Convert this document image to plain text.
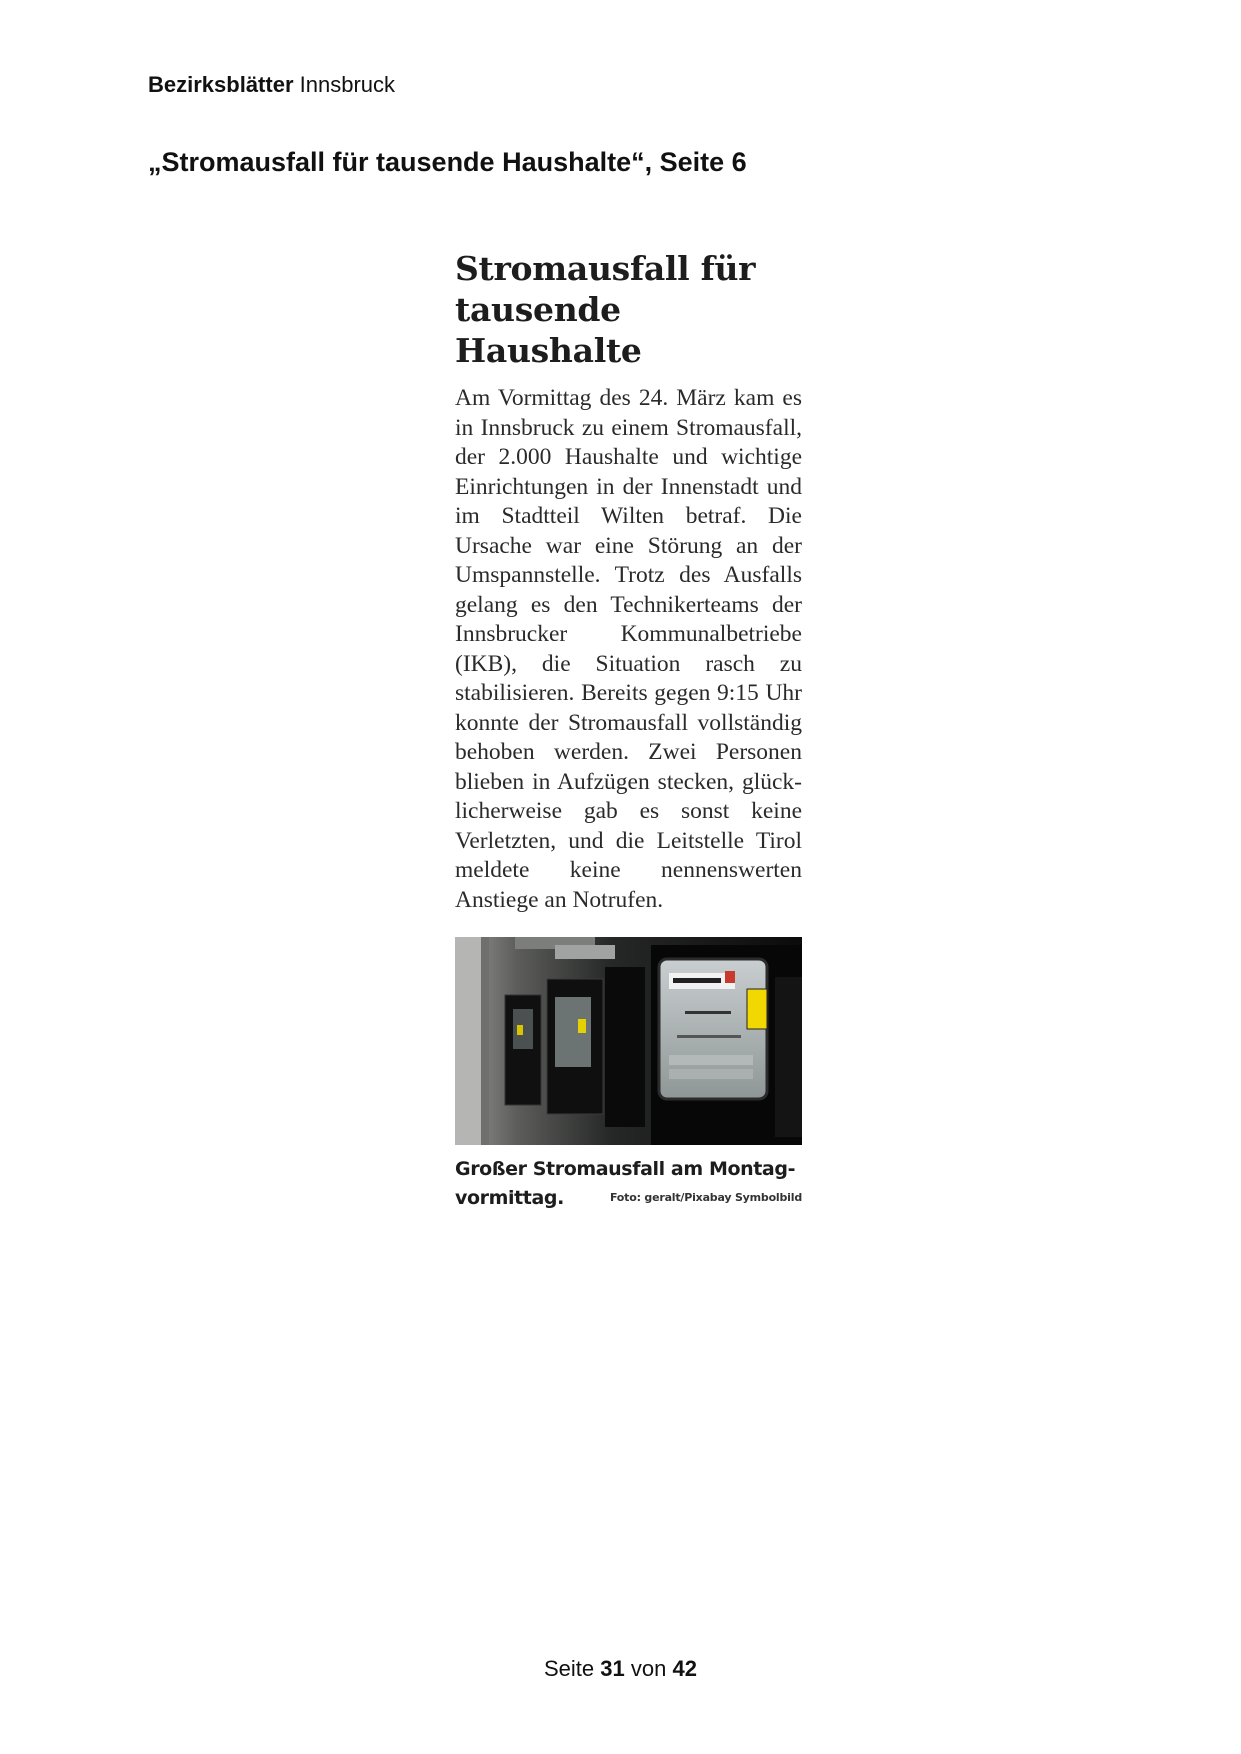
Bezirksblätter Innsbruck
„Stromausfall für tausende Haushalte“, Seite 6
Stromausfall für tausende Haushalte

Am Vormittag des 24. März kam es in Innsbruck zu einem Stromausfall, der 2.000 Haushalte und wichtige Einrichtungen in der Innenstadt und im Stadtteil Wilten betraf. Die Ursache war eine Störung an der Umspannstelle. Trotz des Ausfalls gelang es den Technikerteams der Innsbrucker Kommunalbetriebe (IKB), die Situation rasch zu stabilisieren. Bereits gegen 9:15 Uhr konnte der Stromausfall vollständig behoben werden. Zwei Personen blieben in Aufzügen stecken, glücklicherweise gab es sonst keine Verletzten, und die Leitstelle Tirol meldete keine nennenswerten Anstiege an Notrufen.

Großer Stromausfall am Montagvormittag.	Foto: geralt/Pixabay Symbolbild
Seite 31 von 42
